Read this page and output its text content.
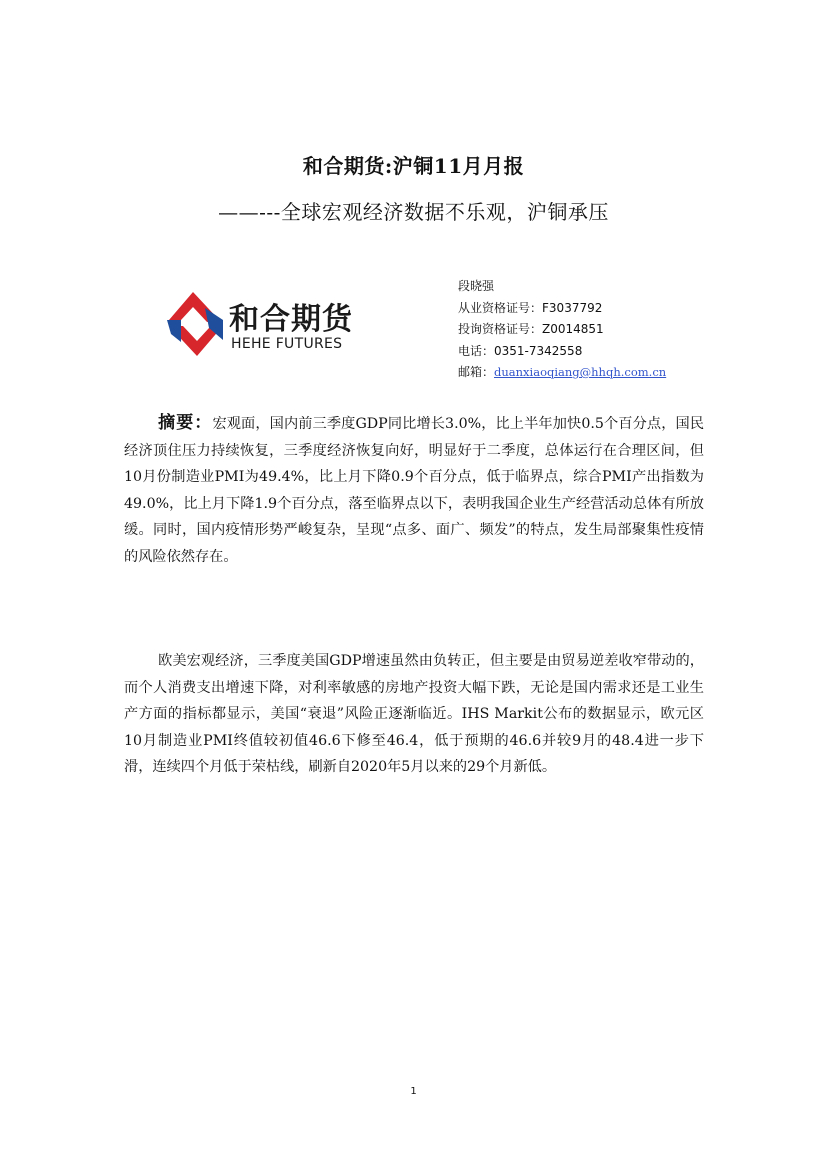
和合期货:沪铜11月月报
——---全球宏观经济数据不乐观，沪铜承压
和合期货
HEHE FUTURES
段晓强
从业资格证号：F3037792
投询资格证号：Z0014851
电话：0351-7342558
邮箱：duanxiaoqiang@hhqh.com.cn
摘要：宏观面，国内前三季度GDP同比增长3.0%，比上半年加快0.5个百分点，国民经济顶住压力持续恢复，三季度经济恢复向好，明显好于二季度，总体运行在合理区间，但10月份制造业PMI为49.4%，比上月下降0.9个百分点，低于临界点，综合PMI产出指数为49.0%，比上月下降1.9个百分点，落至临界点以下，表明我国企业生产经营活动总体有所放缓。同时，国内疫情形势严峻复杂，呈现“点多、面广、频发”的特点，发生局部聚集性疫情的风险依然存在。
欧美宏观经济，三季度美国GDP增速虽然由负转正，但主要是由贸易逆差收窄带动的，而个人消费支出增速下降，对利率敏感的房地产投资大幅下跌，无论是国内需求还是工业生产方面的指标都显示，美国“衰退”风险正逐渐临近。IHS Markit公布的数据显示，欧元区10月制造业PMI终值较初值46.6下修至46.4，低于预期的46.6并较9月的48.4进一步下滑，连续四个月低于荣枯线，刷新自2020年5月以来的29个月新低。
1
